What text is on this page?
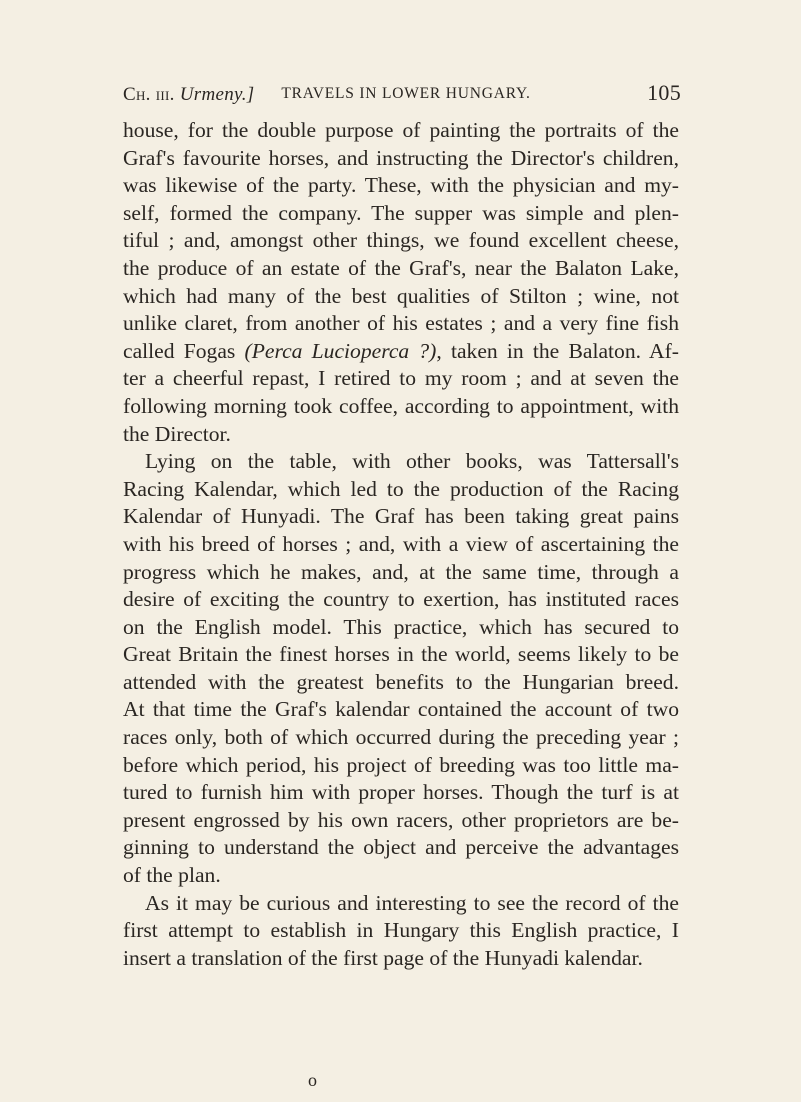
Ch. iii. Urmeny.]	TRAVELS IN LOWER HUNGARY.	105
house, for the double purpose of painting the portraits of the
Graf's favourite horses, and instructing the Director's children,
was likewise of the party. These, with the physician and my-
self, formed the company. The supper was simple and plen-
tiful ; and, amongst other things, we found excellent cheese,
the produce of an estate of the Graf's, near the Balaton Lake,
which had many of the best qualities of Stilton ; wine, not
unlike claret, from another of his estates ; and a very fine fish
called Fogas (Perca Lucioperca ?), taken in the Balaton. Af-
ter a cheerful repast, I retired to my room ; and at seven the
following morning took coffee, according to appointment, with
the Director.
Lying on the table, with other books, was Tattersall's
Racing Kalendar, which led to the production of the Racing
Kalendar of Hunyadi. The Graf has been taking great pains
with his breed of horses ; and, with a view of ascertaining the
progress which he makes, and, at the same time, through a
desire of exciting the country to exertion, has instituted races
on the English model. This practice, which has secured to
Great Britain the finest horses in the world, seems likely to be
attended with the greatest benefits to the Hungarian breed.
At that time the Graf's kalendar contained the account of two
races only, both of which occurred during the preceding year ;
before which period, his project of breeding was too little ma-
tured to furnish him with proper horses. Though the turf is at
present engrossed by his own racers, other proprietors are be-
ginning to understand the object and perceive the advantages
of the plan.
As it may be curious and interesting to see the record of the
first attempt to establish in Hungary this English practice, I
insert a translation of the first page of the Hunyadi kalendar.
o
